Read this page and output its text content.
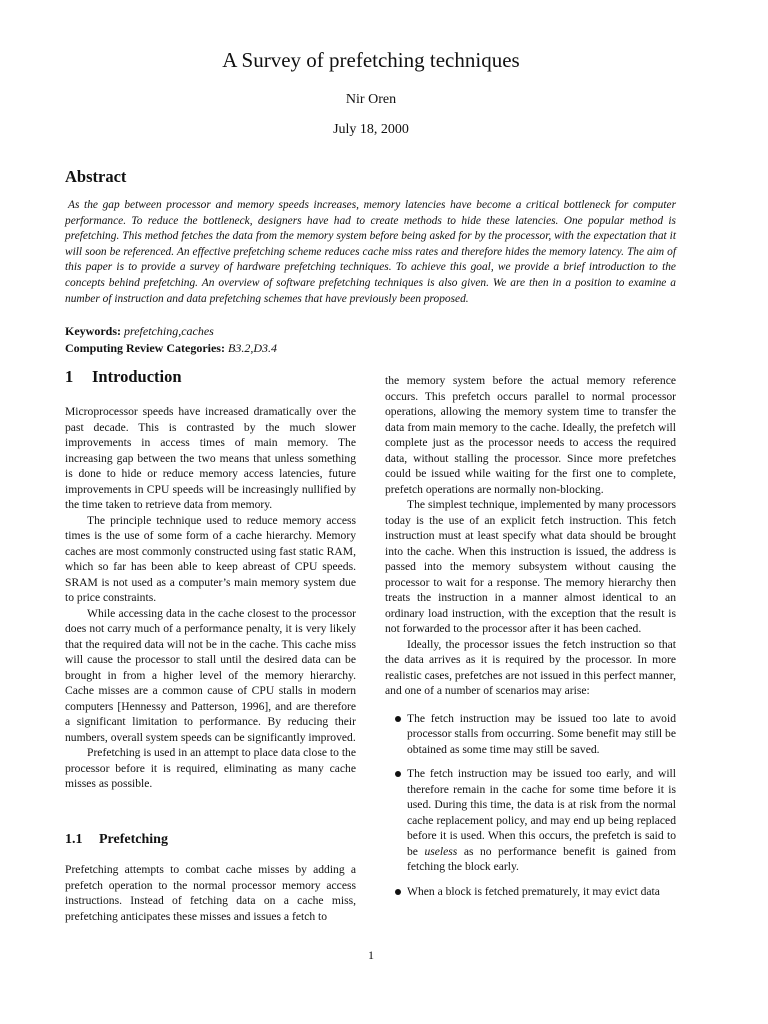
A Survey of prefetching techniques
Nir Oren
July 18, 2000
Abstract
As the gap between processor and memory speeds increases, memory latencies have become a critical bottleneck for computer performance. To reduce the bottleneck, designers have had to create methods to hide these latencies. One popular method is prefetching. This method fetches the data from the memory system before being asked for by the processor, with the expectation that it will soon be referenced. An effective prefetching scheme reduces cache miss rates and therefore hides the memory latency. The aim of this paper is to provide a survey of hardware prefetching techniques. To achieve this goal, we provide a brief introduction to the concepts behind prefetching. An overview of software prefetching techniques is also given. We are then in a position to examine a number of instruction and data prefetching schemes that have previously been proposed.
Keywords: prefetching,caches
Computing Review Categories: B3.2,D3.4
1 Introduction

Microprocessor speeds have increased dramatically over the past decade. This is contrasted by the much slower improvements in access times of main memory. The increasing gap between the two means that unless something is done to hide or reduce memory access latencies, future improvements in CPU speeds will be increasingly nullified by the time taken to retrieve data from memory.

The principle technique used to reduce memory access times is the use of some form of a cache hierarchy. Memory caches are most commonly constructed using fast static RAM, which so far has been able to keep abreast of CPU speeds. SRAM is not used as a computer’s main memory system due to price constraints.

While accessing data in the cache closest to the processor does not carry much of a performance penalty, it is very likely that the required data will not be in the cache. This cache miss will cause the processor to stall until the desired data can be brought in from a higher level of the memory hierarchy. Cache misses are a common cause of CPU stalls in modern computers [Hennessy and Patterson, 1996], and are therefore a significant limitation to performance. By reducing their numbers, overall system speeds can be significantly improved.

Prefetching is used in an attempt to place data close to the processor before it is required, eliminating as many cache misses as possible.

1.1 Prefetching

Prefetching attempts to combat cache misses by adding a prefetch operation to the normal processor memory access instructions. Instead of fetching data on a cache miss, prefetching anticipates these misses and issues a fetch to

the memory system before the actual memory reference occurs. This prefetch occurs parallel to normal processor operations, allowing the memory system time to transfer the data from main memory to the cache. Ideally, the prefetch will complete just as the processor needs to access the required data, without stalling the processor. Since more prefetches could be issued while waiting for the first one to complete, prefetch operations are normally non-blocking.

The simplest technique, implemented by many processors today is the use of an explicit fetch instruction. This fetch instruction must at least specify what data should be brought into the cache. When this instruction is issued, the address is passed into the memory subsystem without causing the processor to wait for a response. The memory hierarchy then treats the instruction in a manner almost identical to an ordinary load instruction, with the exception that the result is not forwarded to the processor after it has been cached.

Ideally, the processor issues the fetch instruction so that the data arrives as it is required by the processor. In more realistic cases, prefetches are not issued in this perfect manner, and one of a number of scenarios may arise:

The fetch instruction may be issued too late to avoid processor stalls from occurring. Some benefit may still be obtained as some time may still be saved.
The fetch instruction may be issued too early, and will therefore remain in the cache for some time before it is used. During this time, the data is at risk from the normal cache replacement policy, and may end up being replaced before it is used. When this occurs, the prefetch is said to be useless as no performance benefit is gained from fetching the block early.
When a block is fetched prematurely, it may evict data
1
